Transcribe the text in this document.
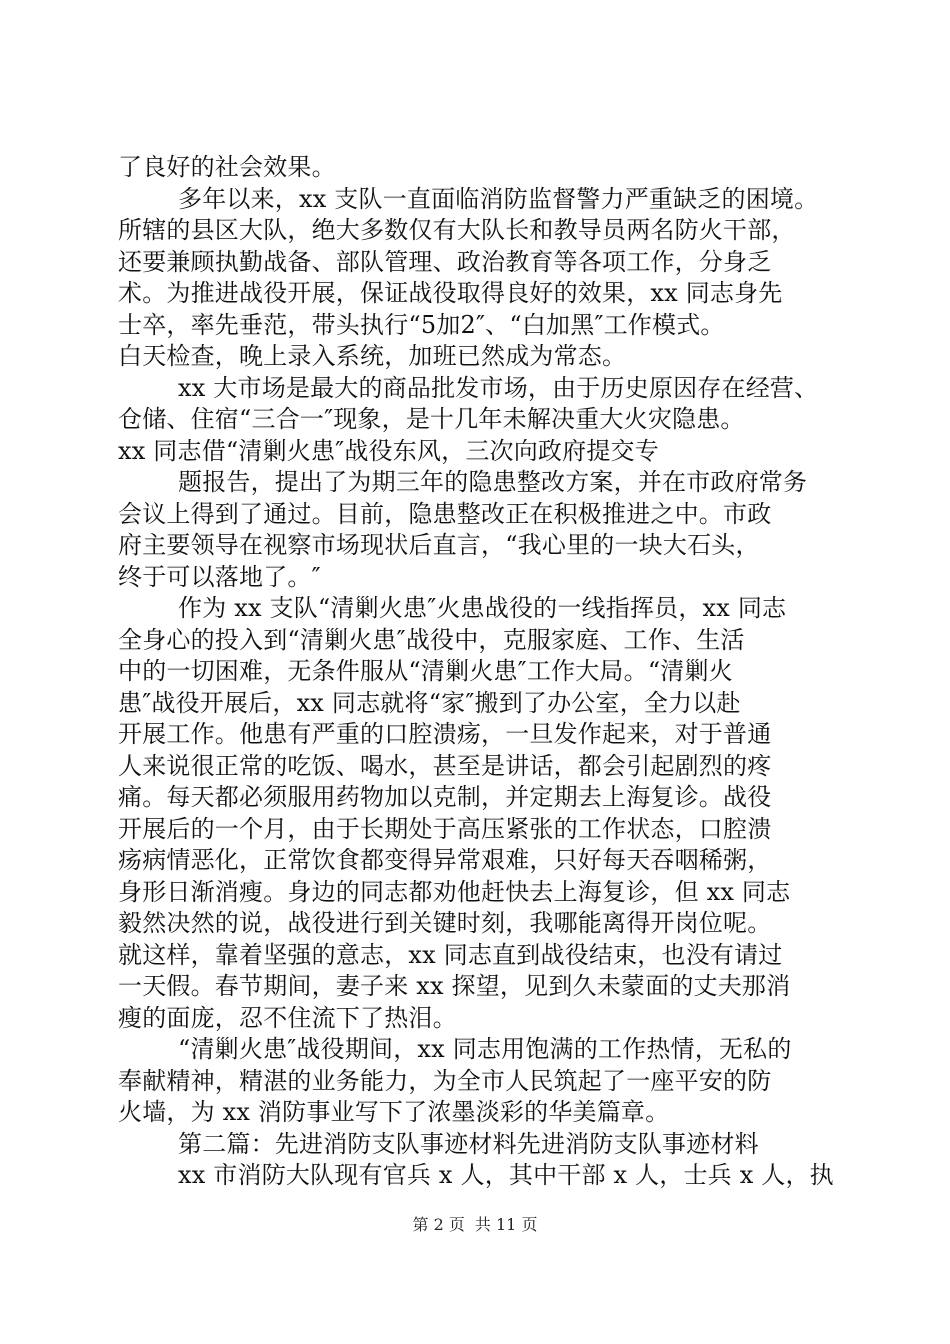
了良好的社会效果。
多年以来，xx 支队一直面临消防监督警力严重缺乏的困境。
所辖的县区大队，绝大多数仅有大队长和教导员两名防火干部，
还要兼顾执勤战备、部队管理、政治教育等各项工作，分身乏
术。为推进战役开展，保证战役取得良好的效果，xx 同志身先
士卒，率先垂范，带头执行“5加2″、“白加黑″工作模式。
白天检查，晚上录入系统，加班已然成为常态。
xx 大市场是最大的商品批发市场，由于历史原因存在经营、
仓储、住宿“三合一″现象，是十几年未解决重大火灾隐患。
xx 同志借“清剿火患″战役东风，三次向政府提交专
题报告，提出了为期三年的隐患整改方案，并在市政府常务
会议上得到了通过。目前，隐患整改正在积极推进之中。市政
府主要领导在视察市场现状后直言，“我心里的一块大石头，
终于可以落地了。″
作为 xx 支队“清剿火患″火患战役的一线指挥员，xx 同志
全身心的投入到“清剿火患″战役中，克服家庭、工作、生活
中的一切困难，无条件服从“清剿火患″工作大局。“清剿火
患″战役开展后，xx 同志就将“家″搬到了办公室，全力以赴
开展工作。他患有严重的口腔溃疡，一旦发作起来，对于普通
人来说很正常的吃饭、喝水，甚至是讲话，都会引起剧烈的疼
痛。每天都必须服用药物加以克制，并定期去上海复诊。战役
开展后的一个月，由于长期处于高压紧张的工作状态，口腔溃
疡病情恶化，正常饮食都变得异常艰难，只好每天吞咽稀粥，
身形日渐消瘦。身边的同志都劝他赶快去上海复诊，但 xx 同志
毅然决然的说，战役进行到关键时刻，我哪能离得开岗位呢。
就这样，靠着坚强的意志，xx 同志直到战役结束，也没有请过
一天假。春节期间，妻子来 xx 探望，见到久未蒙面的丈夫那消
瘦的面庞，忍不住流下了热泪。
“清剿火患″战役期间，xx 同志用饱满的工作热情，无私的
奉献精神，精湛的业务能力，为全市人民筑起了一座平安的防
火墙，为 xx 消防事业写下了浓墨淡彩的华美篇章。
第二篇：先进消防支队事迹材料先进消防支队事迹材料
xx 市消防大队现有官兵 x 人，其中干部 x 人，士兵 x 人，执
第 2 页 共 11 页
